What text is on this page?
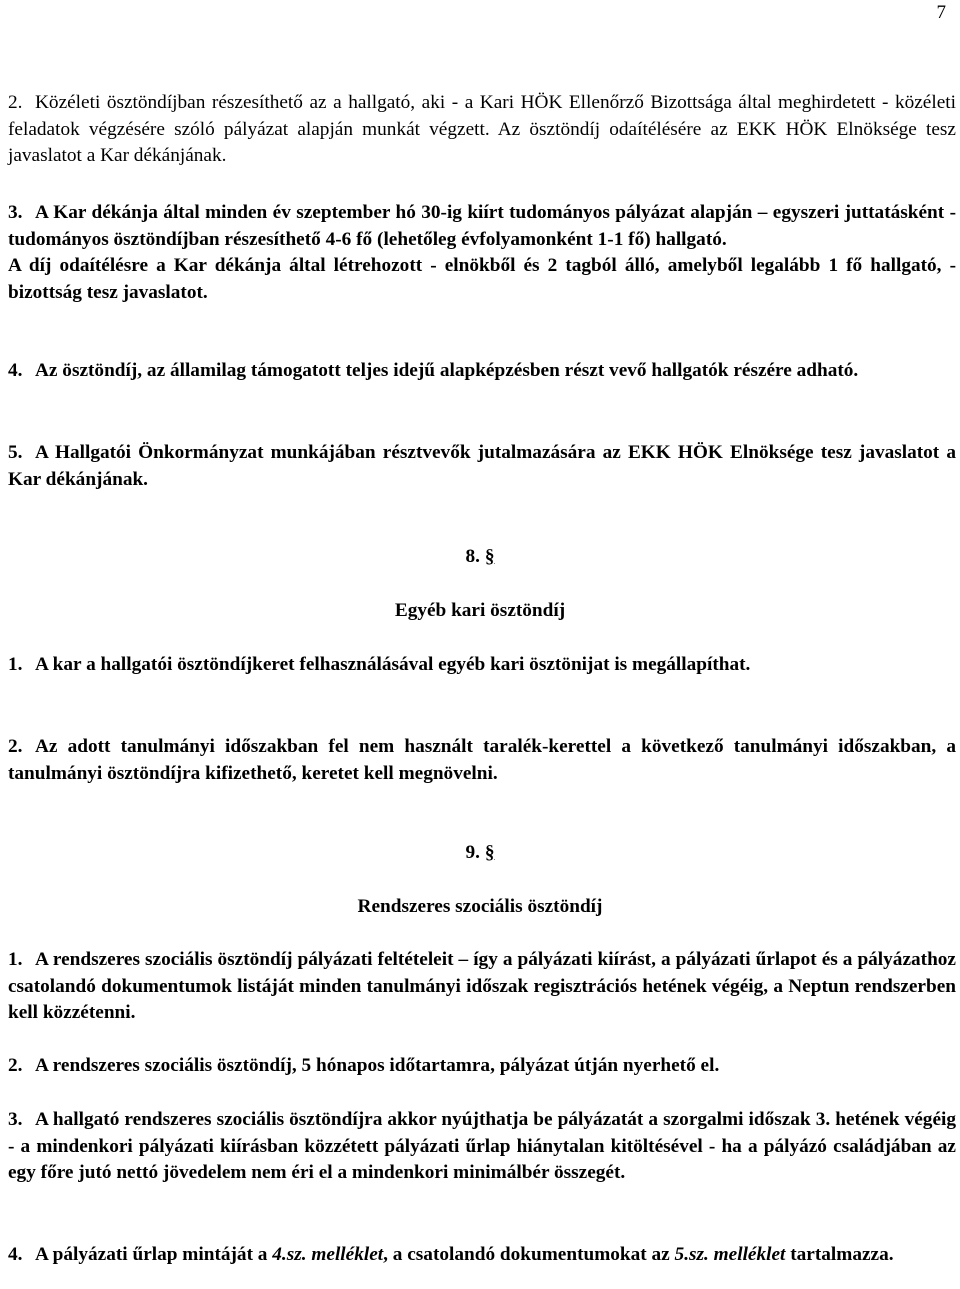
7
2. Közéleti ösztöndíjban részesíthető az a hallgató, aki - a Kari HÖK Ellenőrző Bizottsága által meghirdetett - közéleti feladatok végzésére szóló pályázat alapján munkát végzett. Az ösztöndíj odaítélésére az EKK HÖK Elnöksége tesz javaslatot a Kar dékánjának.
3. A Kar dékánja által minden év szeptember hó 30-ig kiírt tudományos pályázat alapján – egyszeri juttatásként - tudományos ösztöndíjban részesíthető 4-6 fő (lehetőleg évfolyamonként 1-1 fő) hallgató.
A díj odaítélésre a Kar dékánja által létrehozott - elnökből és 2 tagból álló, amelyből legalább 1 fő hallgató, - bizottság tesz javaslatot.
4. Az ösztöndíj, az államilag támogatott teljes idejű alapképzésben részt vevő hallgatók részére adható.
5. A Hallgatói Önkormányzat munkájában résztvevők jutalmazására az EKK HÖK Elnöksége tesz javaslatot a Kar dékánjának.
8. §
Egyéb kari ösztöndíj
1. A kar a hallgatói ösztöndíjkeret felhasználásával egyéb kari ösztönijat is megállapíthat.
2. Az adott tanulmányi időszakban fel nem használt taralék-kerettel a következő tanulmányi időszakban, a tanulmányi ösztöndíjra kifizethető, keretet kell megnövelni.
9. §
Rendszeres szociális ösztöndíj
1. A rendszeres szociális ösztöndíj pályázati feltételeit – így a pályázati kiírást, a pályázati űrlapot és a pályázathoz csatolandó dokumentumok listáját minden tanulmányi időszak regisztrációs hetének végéig, a Neptun rendszerben kell közzétenni.
2. A rendszeres szociális ösztöndíj, 5 hónapos időtartamra, pályázat útján nyerhető el.
3. A hallgató rendszeres szociális ösztöndíjra akkor nyújthatja be pályázatát a szorgalmi időszak 3. hetének végéig - a mindenkori pályázati kiírásban közzétett pályázati űrlap hiánytalan kitöltésével - ha a pályázó családjában az egy főre jutó nettó jövedelem nem éri el a mindenkori minimálbér összegét.
4. A pályázati űrlap mintáját a 4.sz. melléklet, a csatolandó dokumentumokat az 5.sz. melléklet tartalmazza.
